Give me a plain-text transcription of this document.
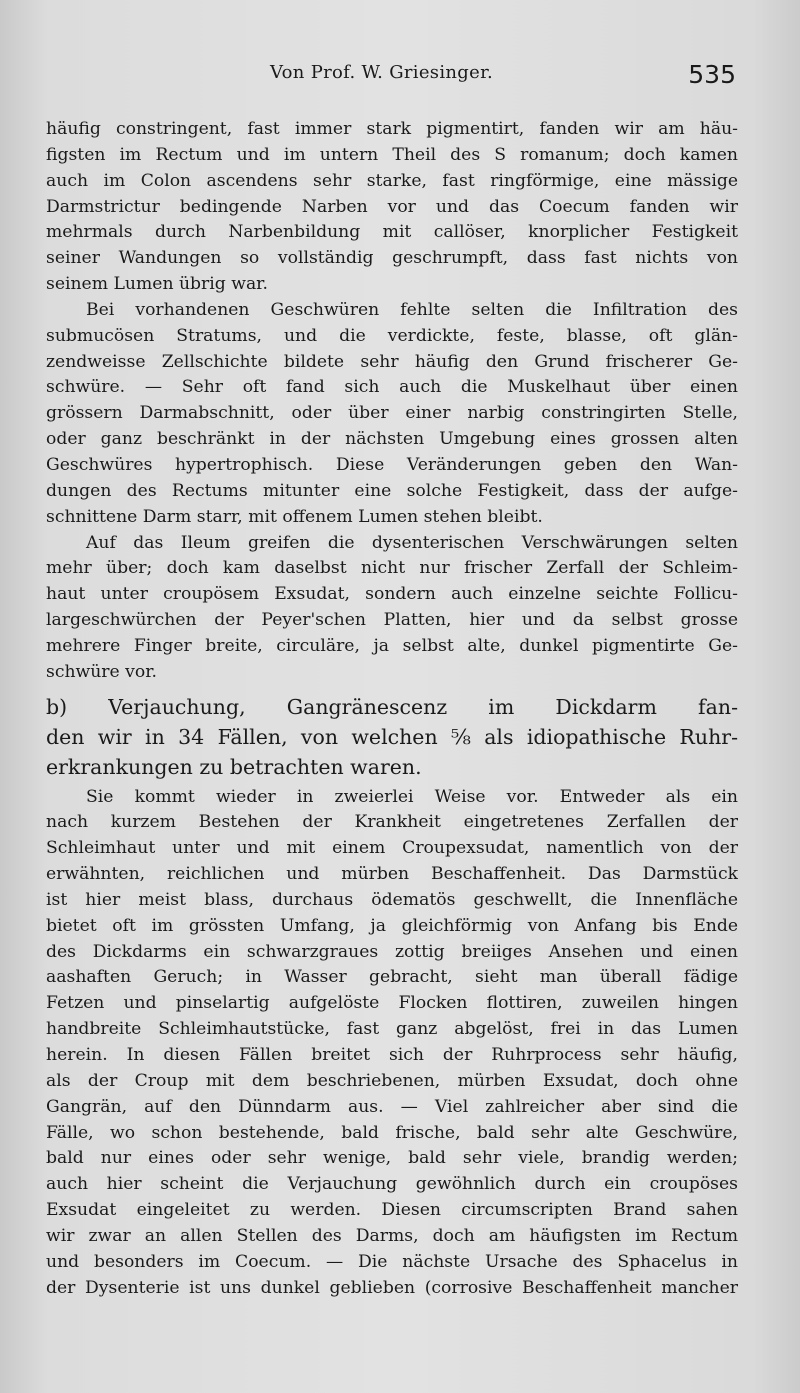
Von Prof. W. Griesinger.	535
häufig constringent, fast immer stark pigmentirt, fanden wir am häu-
figsten im Rectum und im untern Theil des S romanum; doch kamen
auch im Colon ascendens sehr starke, fast ringförmige, eine mässige
Darmstrictur bedingende Narben vor und das Coecum fanden wir
mehrmals durch Narbenbildung mit callöser, knorplicher Festigkeit
seiner Wandungen so vollständig geschrumpft, dass fast nichts von
seinem Lumen übrig war.
Bei vorhandenen Geschwüren fehlte selten die Infiltration des
submucösen Stratums, und die verdickte, feste, blasse, oft glän-
zendweisse Zellschichte bildete sehr häufig den Grund frischerer Ge-
schwüre. — Sehr oft fand sich auch die Muskelhaut über einen
grössern Darmabschnitt, oder über einer narbig constringirten Stelle,
oder ganz beschränkt in der nächsten Umgebung eines grossen alten
Geschwüres hypertrophisch. Diese Veränderungen geben den Wan-
dungen des Rectums mitunter eine solche Festigkeit, dass der aufge-
schnittene Darm starr, mit offenem Lumen stehen bleibt.
Auf das Ileum greifen die dysenterischen Verschwärungen selten
mehr über; doch kam daselbst nicht nur frischer Zerfall der Schleim-
haut unter croupösem Exsudat, sondern auch einzelne seichte Follicu-
largeschwürchen der Peyer'schen Platten, hier und da selbst grosse
mehrere Finger breite, circuläre, ja selbst alte, dunkel pigmentirte Ge-
schwüre vor.
b) Verjauchung, Gangränescenz im Dickdarm fan-
den wir in 34 Fällen, von welchen ⅝ als idiopathische Ruhr-
erkrankungen zu betrachten waren.
Sie kommt wieder in zweierlei Weise vor. Entweder als ein
nach kurzem Bestehen der Krankheit eingetretenes Zerfallen der
Schleimhaut unter und mit einem Croupexsudat, namentlich von der
erwähnten, reichlichen und mürben Beschaffenheit. Das Darmstück
ist hier meist blass, durchaus ödematös geschwellt, die Innenfläche
bietet oft im grössten Umfang, ja gleichförmig von Anfang bis Ende
des Dickdarms ein schwarzgraues zottig breiiges Ansehen und einen
aashaften Geruch; in Wasser gebracht, sieht man überall fädige
Fetzen und pinselartig aufgelöste Flocken flottiren, zuweilen hingen
handbreite Schleimhautstücke, fast ganz abgelöst, frei in das Lumen
herein. In diesen Fällen breitet sich der Ruhrprocess sehr häufig,
als der Croup mit dem beschriebenen, mürben Exsudat, doch ohne
Gangrän, auf den Dünndarm aus. — Viel zahlreicher aber sind die
Fälle, wo schon bestehende, bald frische, bald sehr alte Geschwüre,
bald nur eines oder sehr wenige, bald sehr viele, brandig werden;
auch hier scheint die Verjauchung gewöhnlich durch ein croupöses
Exsudat eingeleitet zu werden. Diesen circumscripten Brand sahen
wir zwar an allen Stellen des Darms, doch am häufigsten im Rectum
und besonders im Coecum. — Die nächste Ursache des Sphacelus in
der Dysenterie ist uns dunkel geblieben (corrosive Beschaffenheit mancher
